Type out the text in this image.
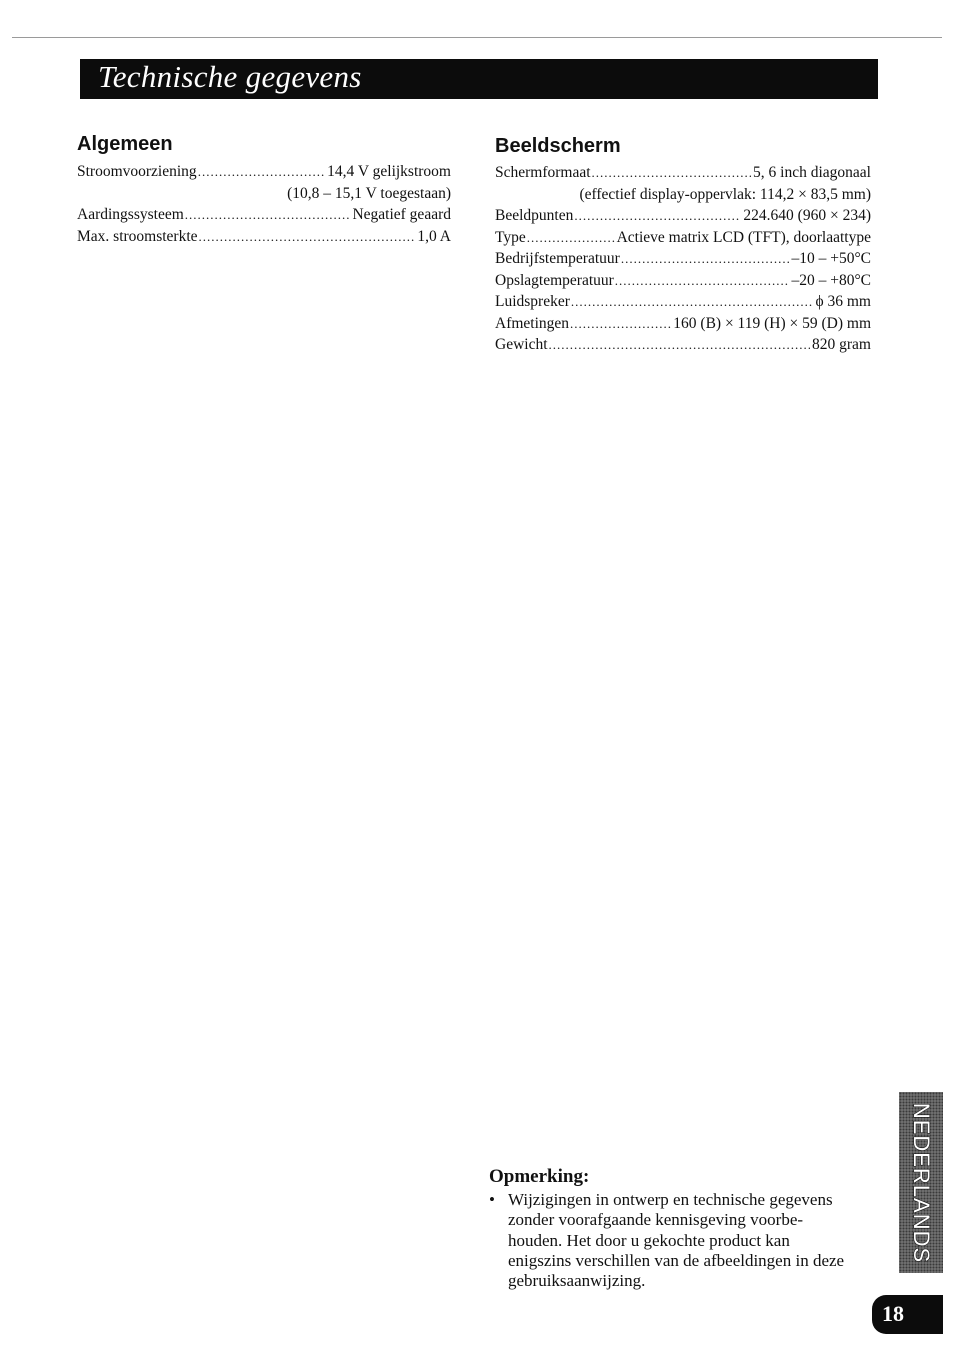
Technische gegevens
Algemeen
Stroomvoorziening .....	14,4 V gelijkstroom
(10,8 – 15,1 V toegestaan)
Aardingssysteem .....	Negatief geaard
Max. stroomsterkte .....	1,0 A
Beeldscherm
Schermformaat .....	5, 6 inch diagonaal
(effectief display-oppervlak: 114,2 × 83,5 mm)
Beeldpunten .....	224.640 (960 × 234)
Type .....	Actieve matrix LCD (TFT), doorlaattype
Bedrijfstemperatuur .....	–10 – +50°C
Opslagtemperatuur .....	–20 – +80°C
Luidspreker .....	ϕ 36 mm
Afmetingen .....	160 (B) × 119 (H) × 59 (D) mm
Gewicht .....	820 gram
Opmerking:
• Wijzigingen in ontwerp en technische gegevens
zonder voorafgaande kennisgeving voorbe-
houden. Het door u gekochte product kan
enigszins verschillen van de afbeeldingen in deze
gebruiksaanwijzing.
NEDERLANDS
18
